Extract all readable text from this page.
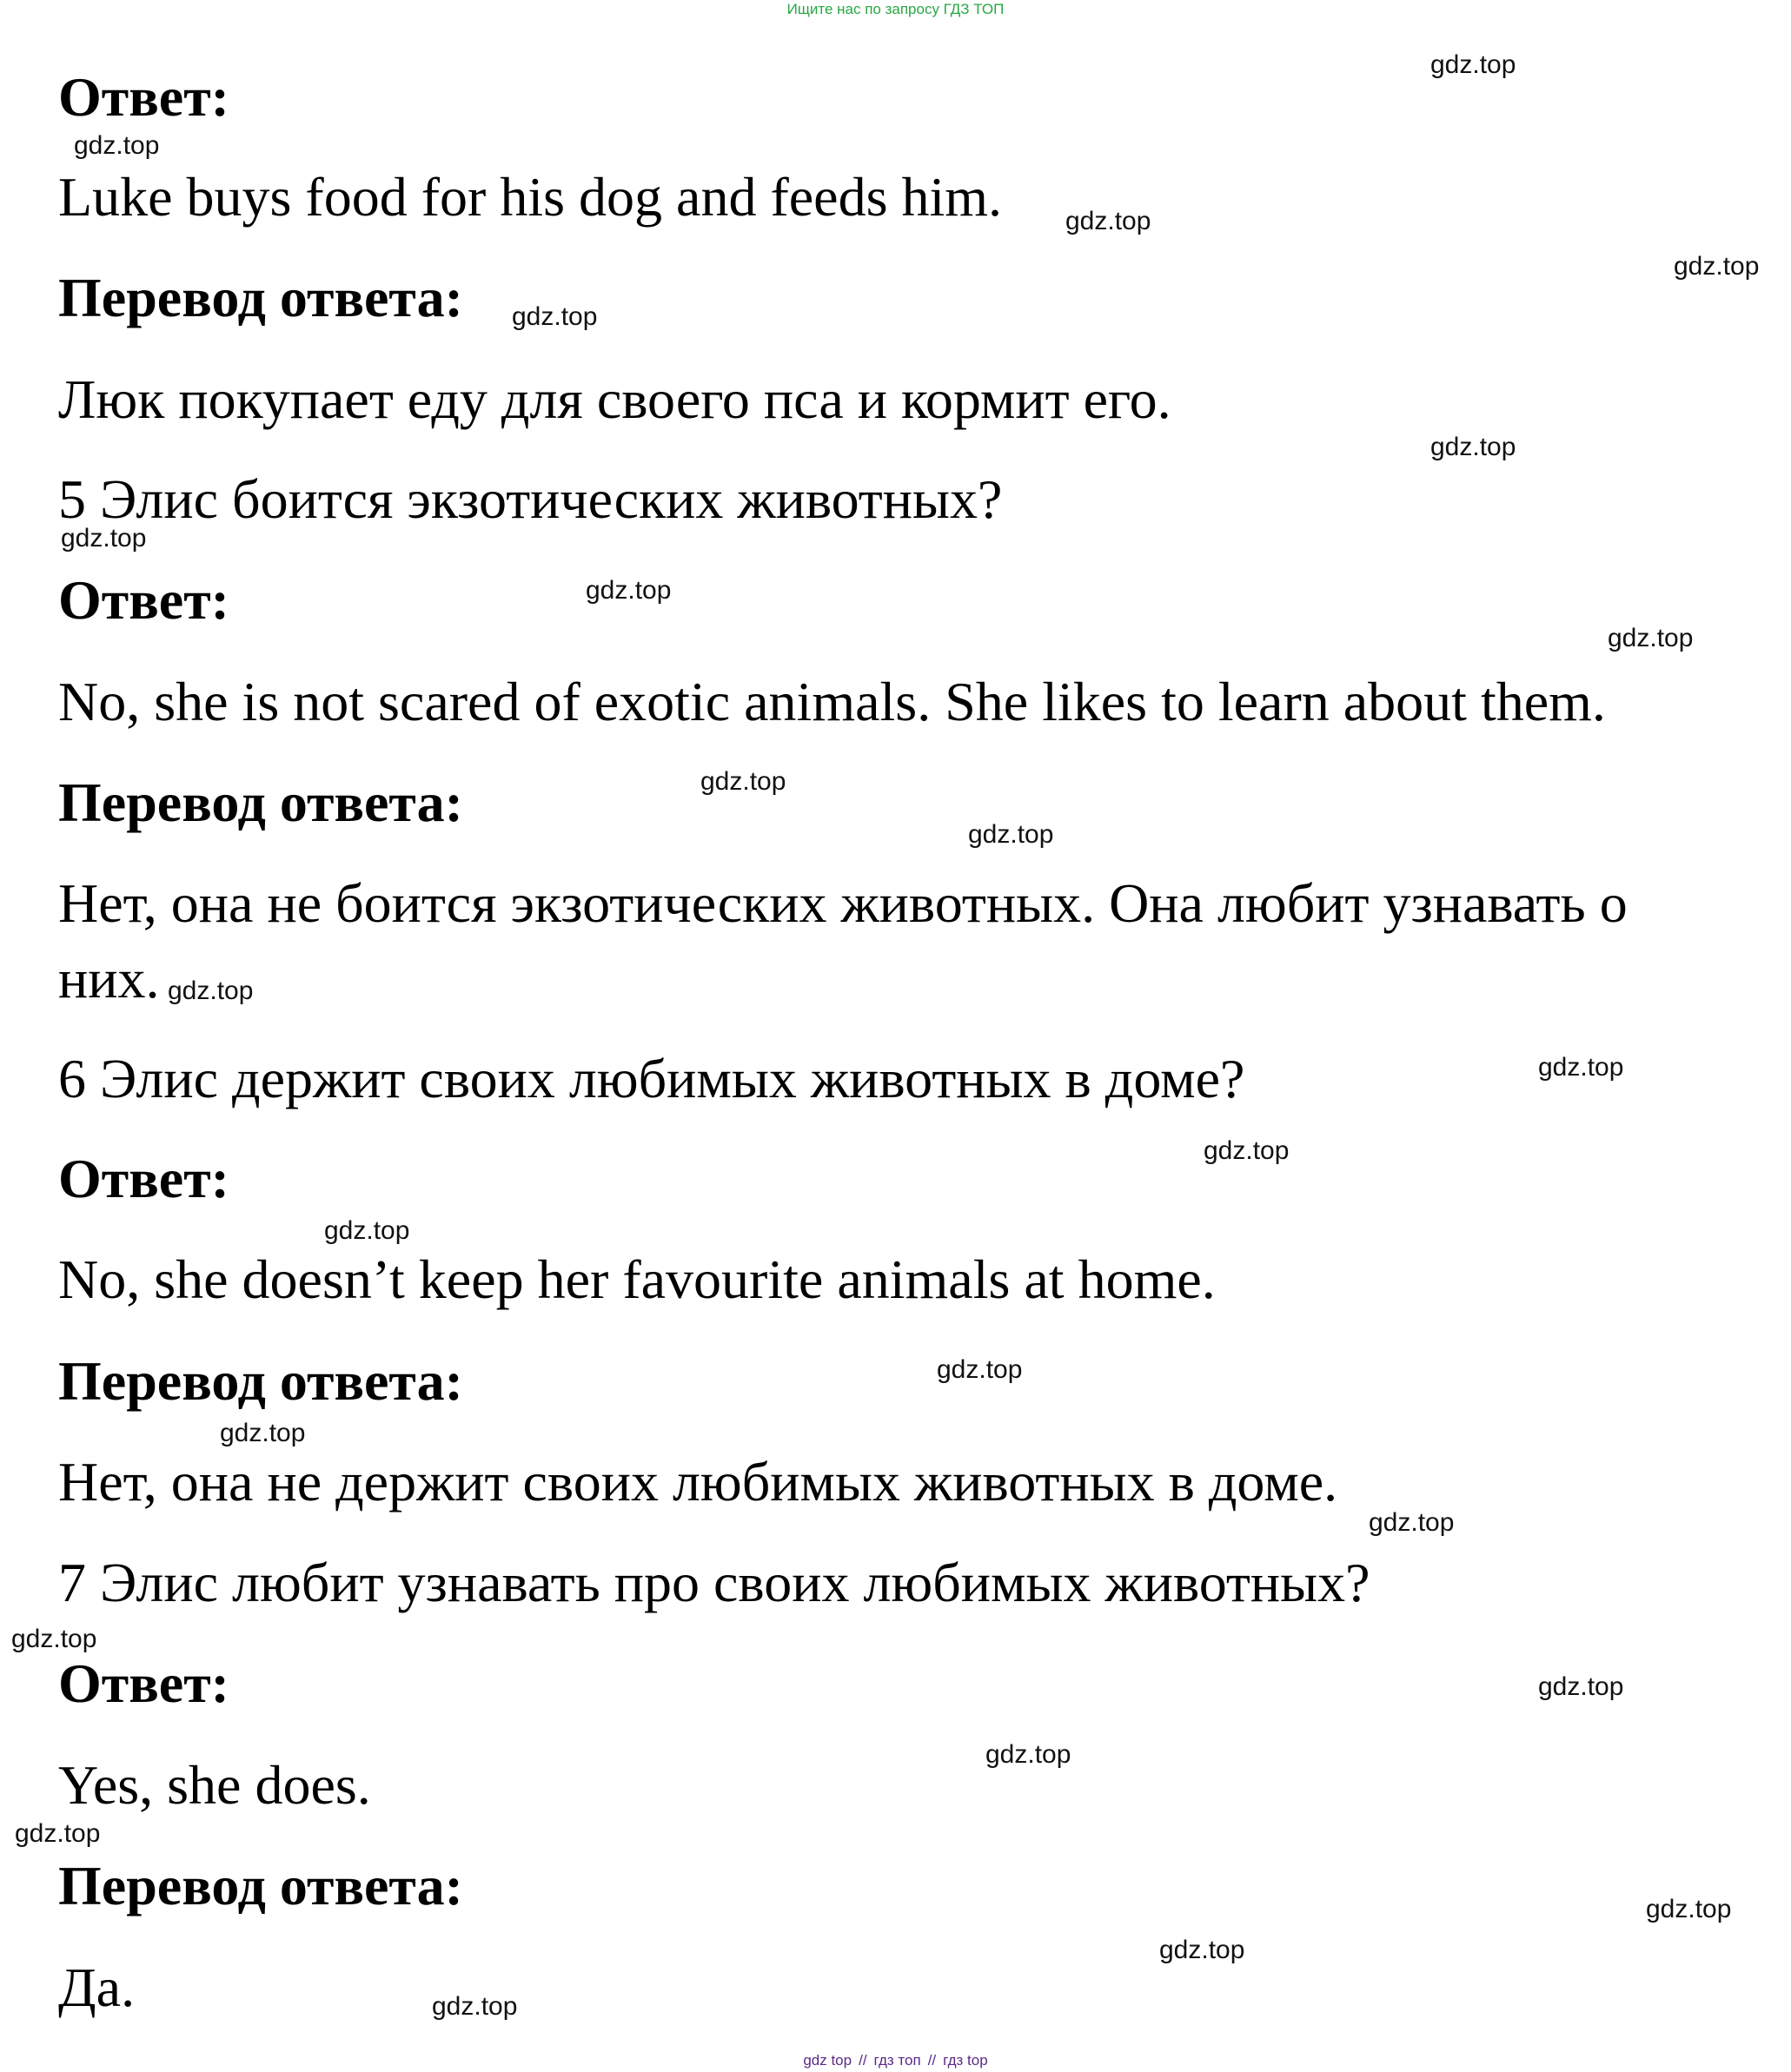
Ищите нас по запросу ГДЗ ТОП
Ответ:
Luke buys food for his dog and feeds him.
Перевод ответа:
Люк покупает еду для своего пса и кормит его.
5 Элис боится экзотических животных?
Ответ:
No, she is not scared of exotic animals. She likes to learn about them.
Перевод ответа:
Нет, она не боится экзотических животных. Она любит узнавать о
них.
6 Элис держит своих любимых животных в доме?
Ответ:
No, she doesn’t keep her favourite animals at home.
Перевод ответа:
Нет, она не держит своих любимых животных в доме.
7 Элис любит узнавать про своих любимых животных?
Ответ:
Yes, she does.
Перевод ответа:
Да.
gdz.top
gdz.top
gdz.top
gdz.top
gdz.top
gdz.top
gdz.top
gdz.top
gdz.top
gdz.top
gdz.top
gdz.top
gdz.top
gdz.top
gdz.top
gdz.top
gdz.top
gdz.top
gdz.top
gdz.top
gdz.top
gdz.top
gdz.top
gdz.top
gdz.top
gdz top // гдз топ // гдз top
